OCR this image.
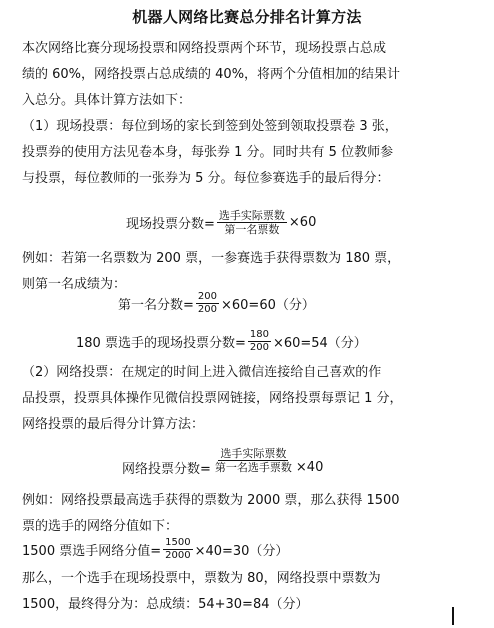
机器人网络比赛总分排名计算方法
本次网络比赛分现场投票和网络投票两个环节，现场投票占总成
绩的 60%，网络投票占总成绩的 40%，将两个分值相加的结果计
入总分。具体计算方法如下：
（1）现场投票：每位到场的家长到签到处签到领取投票卷 3 张，
投票券的使用方法见卷本身，每张券 1 分。同时共有 5 位教师参
与投票，每位教师的一张券为 5 分。每位参赛选手的最后得分：
现场投票分数= $\frac{\text{选手实际票数}}{\text{第一名票数}} \times 60$
例如：若第一名票数为 200 票，一参赛选手获得票数为 180 票，
则第一名成绩为：
第一名分数= $\frac{200}{200} \times 60=60$（分）
180 票选手的现场投票分数= $\frac{180}{200} \times 60=54$（分）
（2）网络投票：在规定的时间上进入微信连接给自己喜欢的作
品投票，投票具体操作见微信投票网链接，网络投票每票记 1 分，
网络投票的最后得分计算方法：
网络投票分数= $\frac{\text{选手实际票数}}{\text{第一名选手票数}} \times 40$
例如：网络投票最高选手获得的票数为 2000 票，那么获得 1500
票的选手的网络分值如下：
1500 票选手网络分值= $\frac{1500}{2000} \times 40=30$（分）
那么，一个选手在现场投票中，票数为 80，网络投票中票数为
1500，最终得分为：总成绩：54+30=84（分）
